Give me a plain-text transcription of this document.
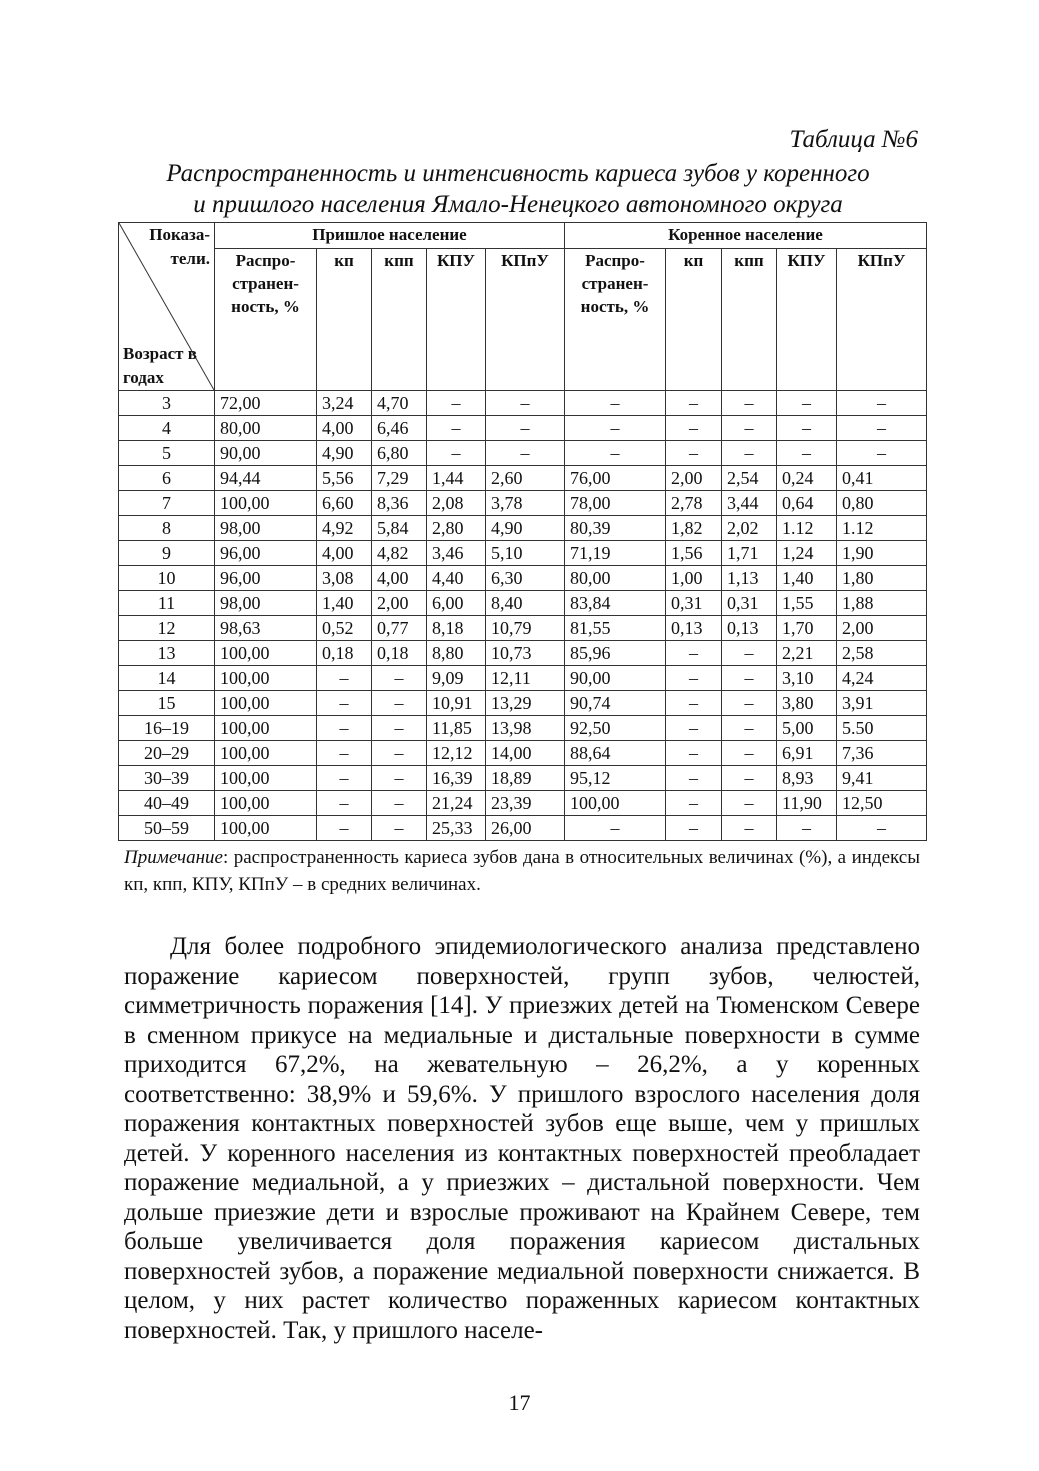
Таблица №6
Распространенность и интенсивность кариеса зубов у коренного
и пришлого населения Ямало-Ненецкого автономного округа
Показа-тели.
Возраст в годах	Пришлое население					Коренное население				
	Распро-странен-ность, %	кп	кпп	КПУ	КПпУ	Распро-странен-ность, %	кп	кпп	КПУ	КПпУ
3	72,00	3,24	4,70	–	–	–	–	–	–	–
4	80,00	4,00	6,46	–	–	–	–	–	–	–
5	90,00	4,90	6,80	–	–	–	–	–	–	–
6	94,44	5,56	7,29	1,44	2,60	76,00	2,00	2,54	0,24	0,41
7	100,00	6,60	8,36	2,08	3,78	78,00	2,78	3,44	0,64	0,80
8	98,00	4,92	5,84	2,80	4,90	80,39	1,82	2,02	1.12	1.12
9	96,00	4,00	4,82	3,46	5,10	71,19	1,56	1,71	1,24	1,90
10	96,00	3,08	4,00	4,40	6,30	80,00	1,00	1,13	1,40	1,80
11	98,00	1,40	2,00	6,00	8,40	83,84	0,31	0,31	1,55	1,88
12	98,63	0,52	0,77	8,18	10,79	81,55	0,13	0,13	1,70	2,00
13	100,00	0,18	0,18	8,80	10,73	85,96	–	–	2,21	2,58
14	100,00	–	–	9,09	12,11	90,00	–	–	3,10	4,24
15	100,00	–	–	10,91	13,29	90,74	–	–	3,80	3,91
16–19	100,00	–	–	11,85	13,98	92,50	–	–	5,00	5.50
20–29	100,00	–	–	12,12	14,00	88,64	–	–	6,91	7,36
30–39	100,00	–	–	16,39	18,89	95,12	–	–	8,93	9,41
40–49	100,00	–	–	21,24	23,39	100,00	–	–	11,90	12,50
50–59	100,00	–	–	25,33	26,00	–	–	–	–	–
Примечание: распространенность кариеса зубов дана в относительных величинах (%), а индексы кп, кпп, КПУ, КПпУ – в средних величинах.

Для более подробного эпидемиологического анализа представлено поражение кариесом поверхностей, групп зубов, челюстей, симметричность поражения [14]. У приезжих детей на Тюменском Севере в сменном прикусе на медиальные и дистальные поверхности в сумме приходится 67,2%, на жевательную – 26,2%, а у коренных соответственно: 38,9% и 59,6%. У пришлого взрослого населения доля поражения контактных поверхностей зубов еще выше, чем у пришлых детей. У коренного населения из контактных поверхностей преобладает поражение медиальной, а у приезжих – дистальной поверхности. Чем дольше приезжие дети и взрослые проживают на Крайнем Севере, тем больше увеличивается доля поражения кариесом дистальных поверхностей зубов, а поражение медиальной поверхности снижается. В целом, у них растет количество пораженных кариесом контактных поверхностей. Так, у пришлого населе-

17
